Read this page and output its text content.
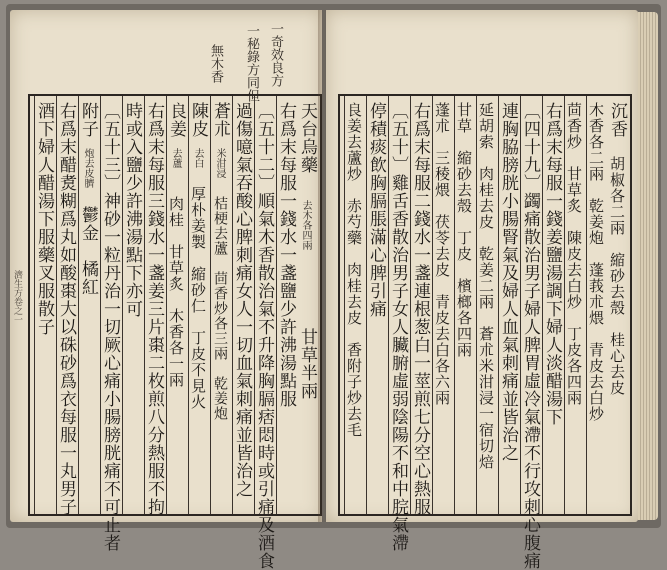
一奇效良方
一秘錄方同但
無木香
濟生方卷之一
天台烏藥
去木各四兩
甘草半兩
右爲末每服一錢水一盞鹽少許沸湯點服
〔五十二〕順氣木香散治氣不升降胸膈痞悶時或引痛及酒食
過傷噫氣吞酸心脾刺痛女人一切血氣刺痛並皆治之
蒼朮
米泔浸
桔梗去蘆　茴香炒各三兩　乾姜炮
陳皮
去白
厚朴姜製　縮砂仁　丁皮不見火
良姜
去蘆
肉桂　甘草炙　木香各一兩
右爲末每服三錢水一盞姜三片棗二枚煎八分熱服不拘
時或入鹽少許沸湯點下亦可
〔五十三〕神砂一粒丹治一切厥心痛小腸膀胱痛不可止者
附子
炮去皮臍
鬱金　橘紅
右爲末醋煑糊爲丸如酸棗大以硃砂爲衣每服一丸男子
酒下婦人醋湯下服藥叉服散子	沉香
胡椒各二兩　縮砂去殼　桂心去皮
木香各二兩　乾姜炮　蓬莪朮煨　青皮去白炒
茴香炒　甘草炙　陳皮去白炒　丁皮各四兩
右爲末每服一錢姜鹽湯調下婦人淡醋湯下
〔四十九〕蠲痛散治男子婦人脾胃虛冷氣滯不行攻刺心腹痛
連胸脇膀胱小腸腎氣及婦人血氣刺痛並皆治之
延胡索　肉桂去皮　乾姜二兩　蒼朮米泔浸一宿切焙
甘草　縮砂去殼　丁皮　檳榔各四兩
蓬朮　三稜煨　茯苓去皮　青皮去白各六兩
右爲末每服二錢水一盞連根葱白一莖煎七分空心熱服
〔五十〕雞舌香散治男子女人臟腑虛弱陰陽不和中脘氣滯
停積痰飲胸膈脹滿心脾引痛
良姜去蘆炒　赤芍藥　肉桂去皮　香附子炒去毛
